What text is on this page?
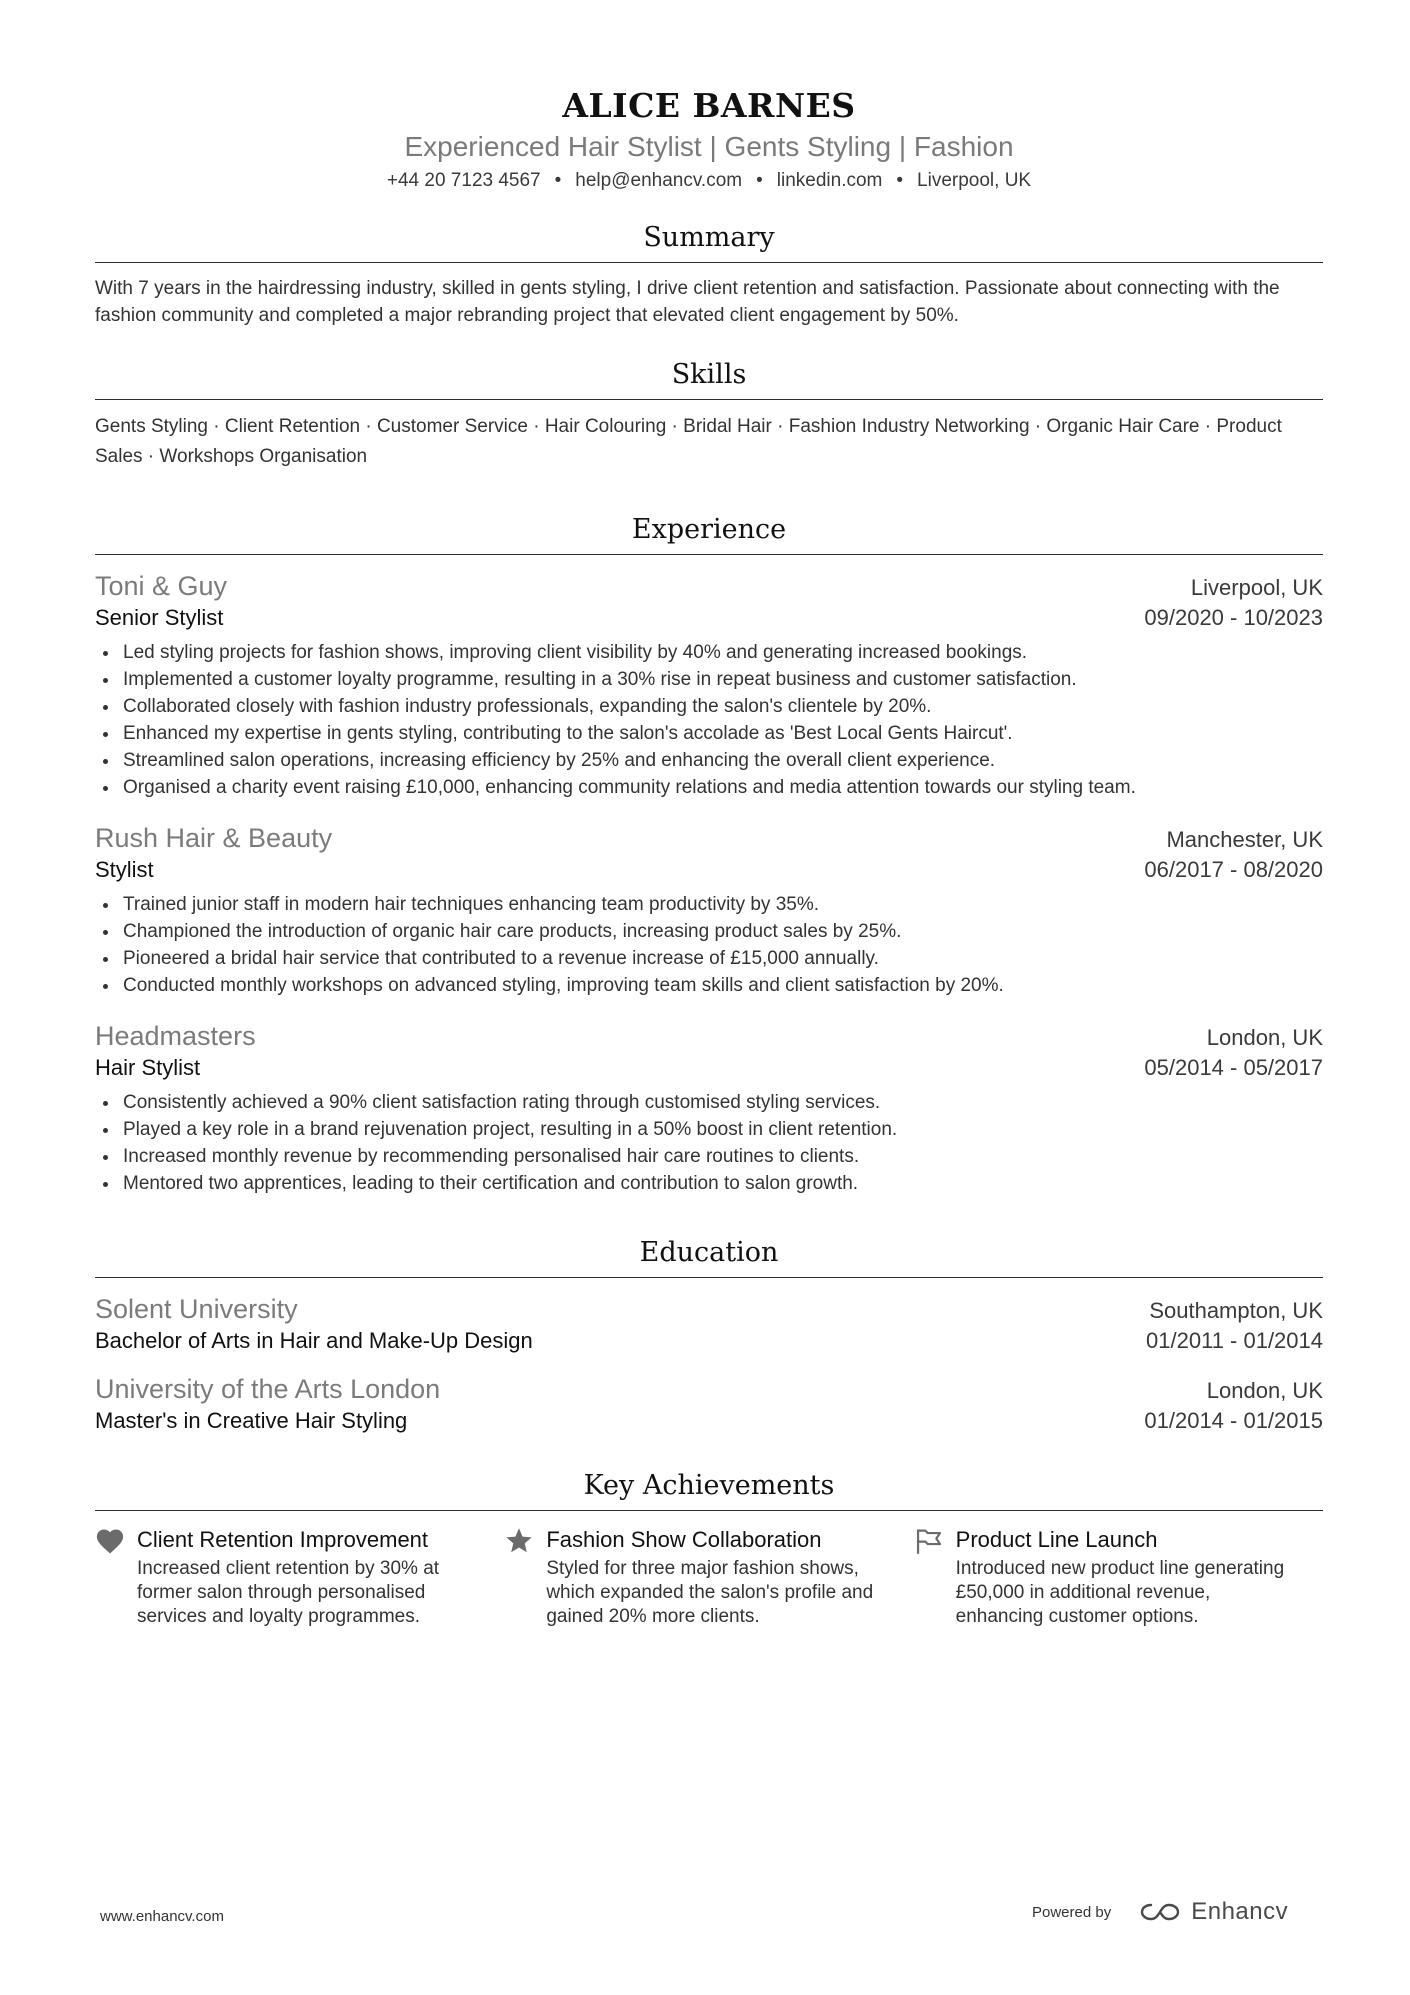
ALICE BARNES
Experienced Hair Stylist | Gents Styling | Fashion
+44 20 7123 4567 • help@enhancv.com • linkedin.com • Liverpool, UK
Summary
With 7 years in the hairdressing industry, skilled in gents styling, I drive client retention and satisfaction. Passionate about connecting with the fashion community and completed a major rebranding project that elevated client engagement by 50%.
Skills
Gents Styling · Client Retention · Customer Service · Hair Colouring · Bridal Hair · Fashion Industry Networking · Organic Hair Care · Product Sales · Workshops Organisation
Experience
Toni & Guy	Liverpool, UK
Senior Stylist	09/2020 - 10/2023
Led styling projects for fashion shows, improving client visibility by 40% and generating increased bookings.
Implemented a customer loyalty programme, resulting in a 30% rise in repeat business and customer satisfaction.
Collaborated closely with fashion industry professionals, expanding the salon's clientele by 20%.
Enhanced my expertise in gents styling, contributing to the salon's accolade as 'Best Local Gents Haircut'.
Streamlined salon operations, increasing efficiency by 25% and enhancing the overall client experience.
Organised a charity event raising £10,000, enhancing community relations and media attention towards our styling team.
Rush Hair & Beauty	Manchester, UK
Stylist	06/2017 - 08/2020
Trained junior staff in modern hair techniques enhancing team productivity by 35%.
Championed the introduction of organic hair care products, increasing product sales by 25%.
Pioneered a bridal hair service that contributed to a revenue increase of £15,000 annually.
Conducted monthly workshops on advanced styling, improving team skills and client satisfaction by 20%.
Headmasters	London, UK
Hair Stylist	05/2014 - 05/2017
Consistently achieved a 90% client satisfaction rating through customised styling services.
Played a key role in a brand rejuvenation project, resulting in a 50% boost in client retention.
Increased monthly revenue by recommending personalised hair care routines to clients.
Mentored two apprentices, leading to their certification and contribution to salon growth.
Education
Solent University	Southampton, UK
Bachelor of Arts in Hair and Make-Up Design	01/2011 - 01/2014
University of the Arts London	London, UK
Master's in Creative Hair Styling	01/2014 - 01/2015
Key Achievements
Client Retention Improvement
Increased client retention by 30% at former salon through personalised services and loyalty programmes.
Fashion Show Collaboration
Styled for three major fashion shows, which expanded the salon's profile and gained 20% more clients.
Product Line Launch
Introduced new product line generating £50,000 in additional revenue, enhancing customer options.
www.enhancv.com	Powered by	Enhancv
